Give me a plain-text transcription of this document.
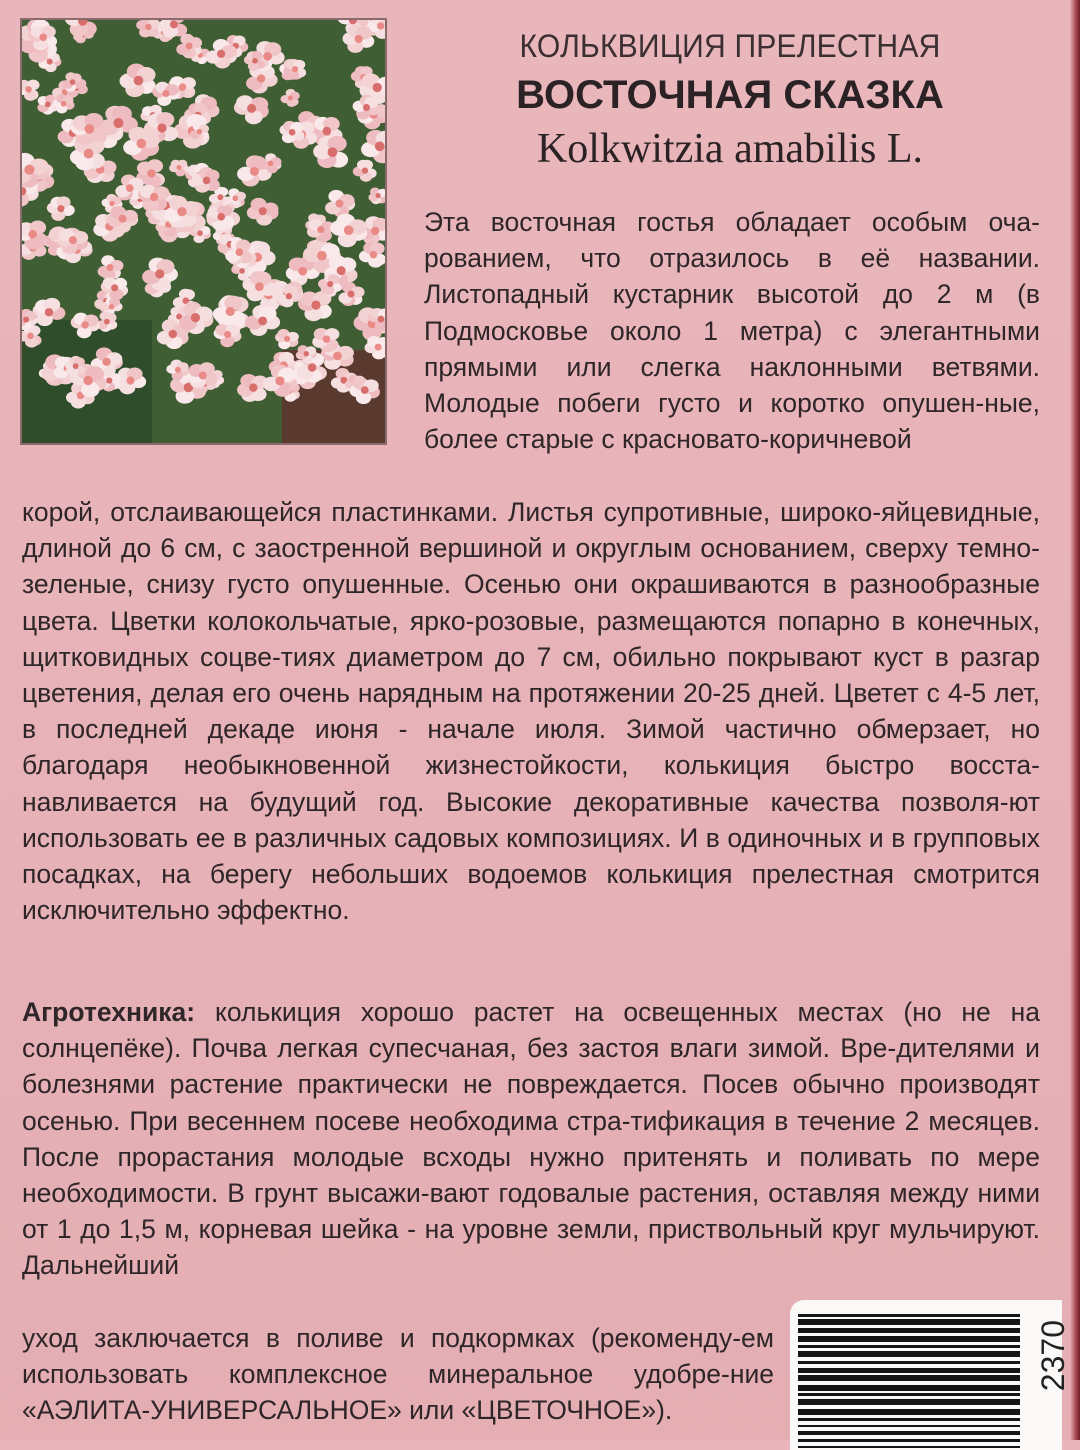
КОЛЬКВИЦИЯ ПРЕЛЕСТНАЯ
ВОСТОЧНАЯ СКАЗКА
Kolkwitzia amabilis L.

Эта восточная гостья обладает особым оча-рованием, что отразилось в её названии. Листопадный кустарник высотой до 2 м (в Подмосковье около 1 метра) с элегантными прямыми или слегка наклонными ветвями. Молодые побеги густо и коротко опушен-ные, более старые с красновато-коричневой

корой, отслаивающейся пластинками. Листья супротивные, широко-яйцевидные, длиной до 6 см, с заостренной вершиной и округлым основанием, сверху темно-зеленые, снизу густо опушенные. Осенью они окрашиваются в разнообразные цвета. Цветки колокольчатые, ярко-розовые, размещаются попарно в конечных, щитковидных соцве-тиях диаметром до 7 см, обильно покрывают куст в разгар цветения, делая его очень нарядным на протяжении 20-25 дней. Цветет с 4-5 лет, в последней декаде июня - начале июля. Зимой частично обмерзает, но благодаря необыкновенной жизнестойкости, колькиция быстро восста-навливается на будущий год. Высокие декоративные качества позволя-ют использовать ее в различных садовых композициях. И в одиночных и в групповых посадках, на берегу небольших водоемов колькиция прелестная смотрится исключительно эффектно.

Агротехника: колькиция хорошо растет на освещенных местах (но не на солнцепёке). Почва легкая супесчаная, без застоя влаги зимой. Вре-дителями и болезнями растение практически не повреждается. Посев обычно производят осенью. При весеннем посеве необходима стра-тификация в течение 2 месяцев. После прорастания молодые всходы нужно притенять и поливать по мере необходимости. В грунт высажи-вают годовалые растения, оставляя между ними от 1 до 1,5 м, корневая шейка - на уровне земли, приствольный круг мульчируют. Дальнейший

уход заключается в поливе и подкормках (рекоменду-ем использовать комплексное минеральное удобре-ние «АЭЛИТА-УНИВЕРСАЛЬНОЕ» или «ЦВЕТОЧНОЕ»).

2370
